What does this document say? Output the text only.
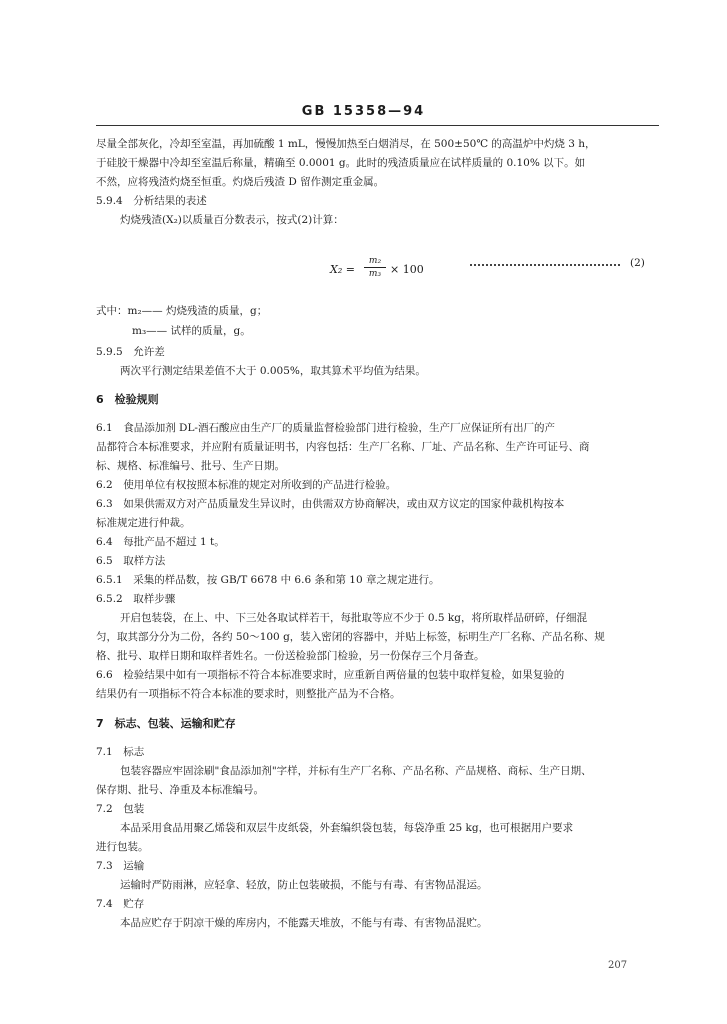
GB 15358—94
尽量全部灰化，冷却至室温，再加硫酸 1 mL，慢慢加热至白烟消尽，在 500±50℃ 的高温炉中灼烧 3 h，
于硅胶干燥器中冷却至室温后称量，精确至 0.0001 g。此时的残渣质量应在试样质量的 0.10% 以下。如
不然，应将残渣灼烧至恒重。灼烧后残渣 D 留作测定重金属。
5.9.4　分析结果的表述
灼烧残渣(X₂)以质量百分数表示，按式(2)计算：
$X_2 = \frac{\text{m₂}}{\text{m₃}} \times 100$	(2)
式中：m₂—— 灼烧残渣的质量，g；
m₃—— 试样的质量，g。
5.9.5　允许差
两次平行测定结果差值不大于 0.005%，取其算术平均值为结果。
6　检验规则
6.1　食品添加剂 DL-酒石酸应由生产厂的质量监督检验部门进行检验，生产厂应保证所有出厂的产
品都符合本标准要求，并应附有质量证明书，内容包括：生产厂名称、厂址、产品名称、生产许可证号、商
标、规格、标准编号、批号、生产日期。
6.2　使用单位有权按照本标准的规定对所收到的产品进行检验。
6.3　如果供需双方对产品质量发生异议时，由供需双方协商解决，或由双方议定的国家仲裁机构按本
标准规定进行仲裁。
6.4　每批产品不超过 1 t。
6.5　取样方法
6.5.1　采集的样品数，按 GB/T 6678 中 6.6 条和第 10 章之规定进行。
6.5.2　取样步骤
开启包装袋，在上、中、下三处各取试样若干，每批取等应不少于 0.5 kg，将所取样品研碎，仔细混
匀，取其部分分为二份，各约 50～100 g，装入密闭的容器中，并贴上标签，标明生产厂名称、产品名称、规
格、批号、取样日期和取样者姓名。一份送检验部门检验，另一份保存三个月备查。
6.6　检验结果中如有一项指标不符合本标准要求时，应重新自两倍量的包装中取样复检，如果复验的
结果仍有一项指标不符合本标准的要求时，则整批产品为不合格。
7　标志、包装、运输和贮存
7.1　标志
包装容器应牢固涂刷"食品添加剂"字样，并标有生产厂名称、产品名称、产品规格、商标、生产日期、
保存期、批号、净重及本标准编号。
7.2　包装
本品采用食品用聚乙烯袋和双层牛皮纸袋，外套编织袋包装，每袋净重 25 kg，也可根据用户要求
进行包装。
7.3　运输
运输时严防雨淋，应轻拿、轻放，防止包装破损，不能与有毒、有害物品混运。
7.4　贮存
本品应贮存于阴凉干燥的库房内，不能露天堆放，不能与有毒、有害物品混贮。
207
